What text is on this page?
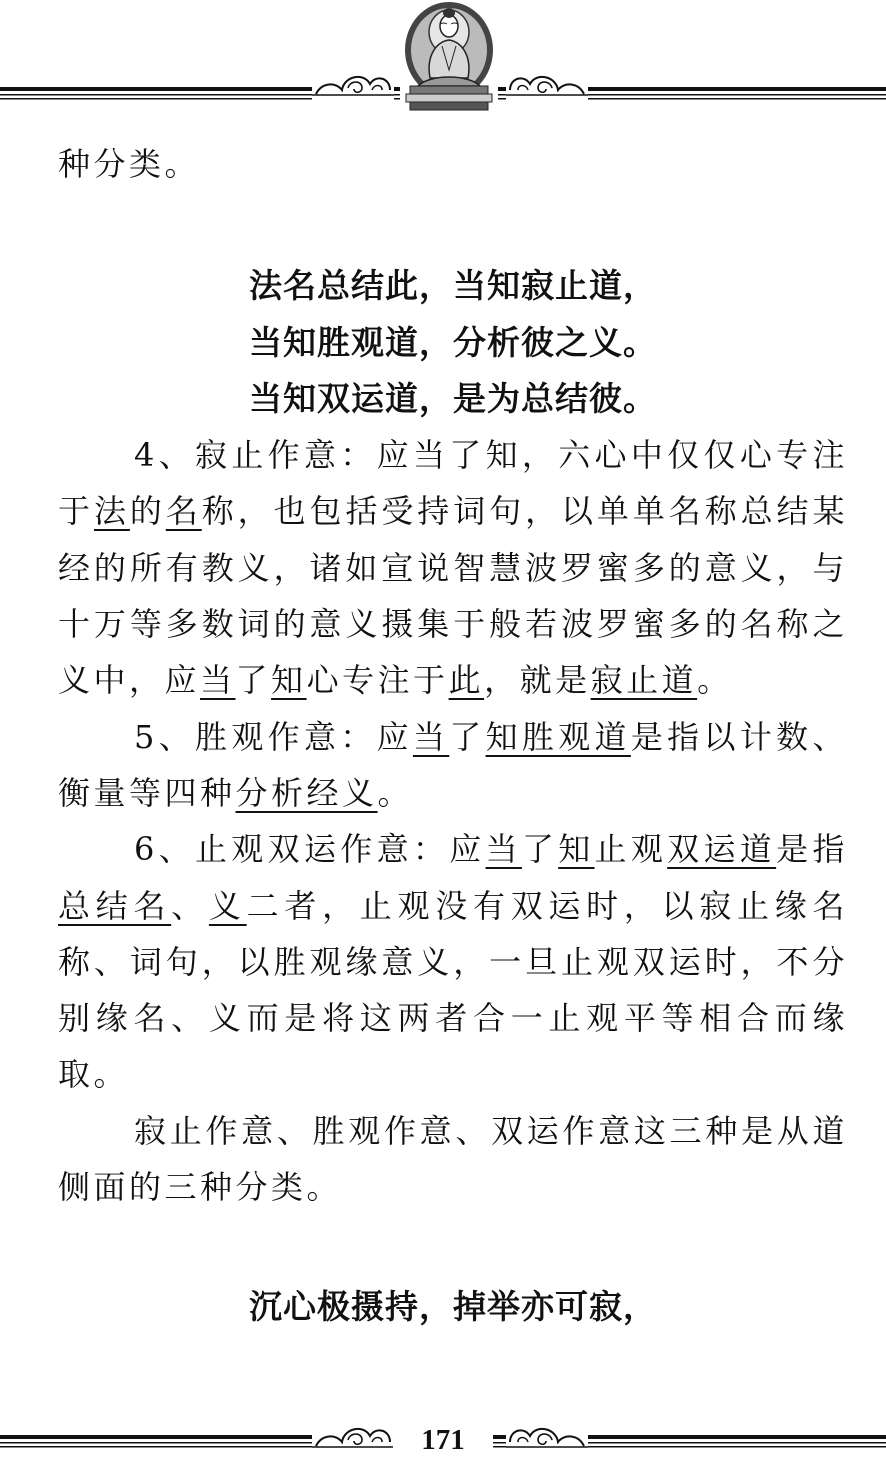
种分类。

法名总结此，当知寂止道，

当知胜观道，分析彼之义。

当知双运道，是为总结彼。

4、寂止作意：应当了知，六心中仅仅心专注于法的名称，也包括受持词句，以单单名称总结某经的所有教义，诸如宣说智慧波罗蜜多的意义，与十万等多数词的意义摄集于般若波罗蜜多的名称之义中，应当了知心专注于此，就是寂止道。

5、胜观作意：应当了知胜观道是指以计数、衡量等四种分析经义。

6、止观双运作意：应当了知止观双运道是指总结名、义二者，止观没有双运时，以寂止缘名称、词句，以胜观缘意义，一旦止观双运时，不分别缘名、义而是将这两者合一止观平等相合而缘取。

寂止作意、胜观作意、双运作意这三种是从道侧面的三种分类。

沉心极摄持，掉举亦可寂，

171
